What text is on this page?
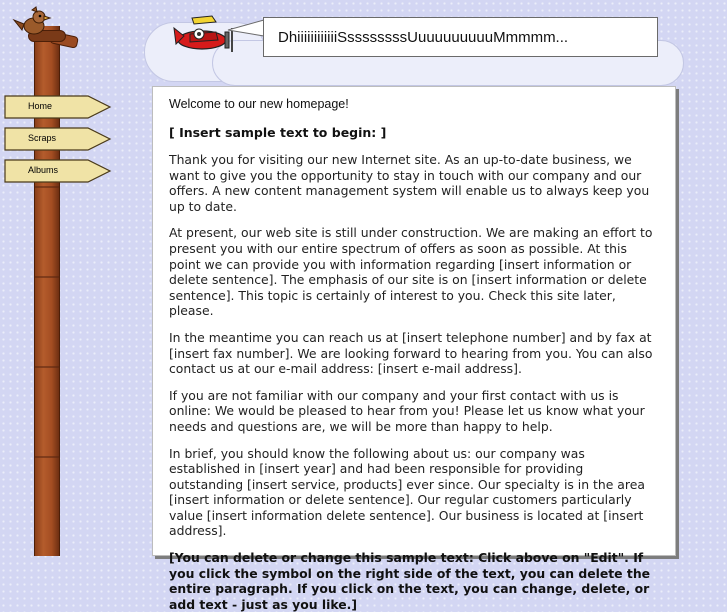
Home
Scraps
Albums
DhiiiiiiiiiiiiSssssssssUuuuuuuuuuMmmmm...
Welcome to our new homepage!
[ Insert sample text to begin: ]

Thank you for visiting our new Internet site. As an up-to-date business, we want to give you the opportunity to stay in touch with our company and our offers. A new content management system will enable us to always keep you up to date.

At present, our web site is still under construction. We are making an effort to present you with our entire spectrum of offers as soon as possible. At this point we can provide you with information regarding [insert information or delete sentence]. The emphasis of our site is on [insert information or delete sentence]. This topic is certainly of interest to you. Check this site later, please.

In the meantime you can reach us at [insert telephone number] and by fax at [insert fax number]. We are looking forward to hearing from you. You can also contact us at our e-mail address: [insert e-mail address].

If you are not familiar with our company and your first contact with us is online: We would be pleased to hear from you! Please let us know what your needs and questions are, we will be more than happy to help.

In brief, you should know the following about us: our company was established in [insert year] and had been responsible for providing outstanding [insert service, products] ever since. Our specialty is in the area [insert information or delete sentence]. Our regular customers particularly value [insert information delete sentence]. Our business is located at [insert address].

[You can delete or change this sample text: Click above on "Edit". If you click the symbol on the right side of the text, you can delete the entire paragraph. If you click on the text, you can change, delete, or add text - just as you like.]
